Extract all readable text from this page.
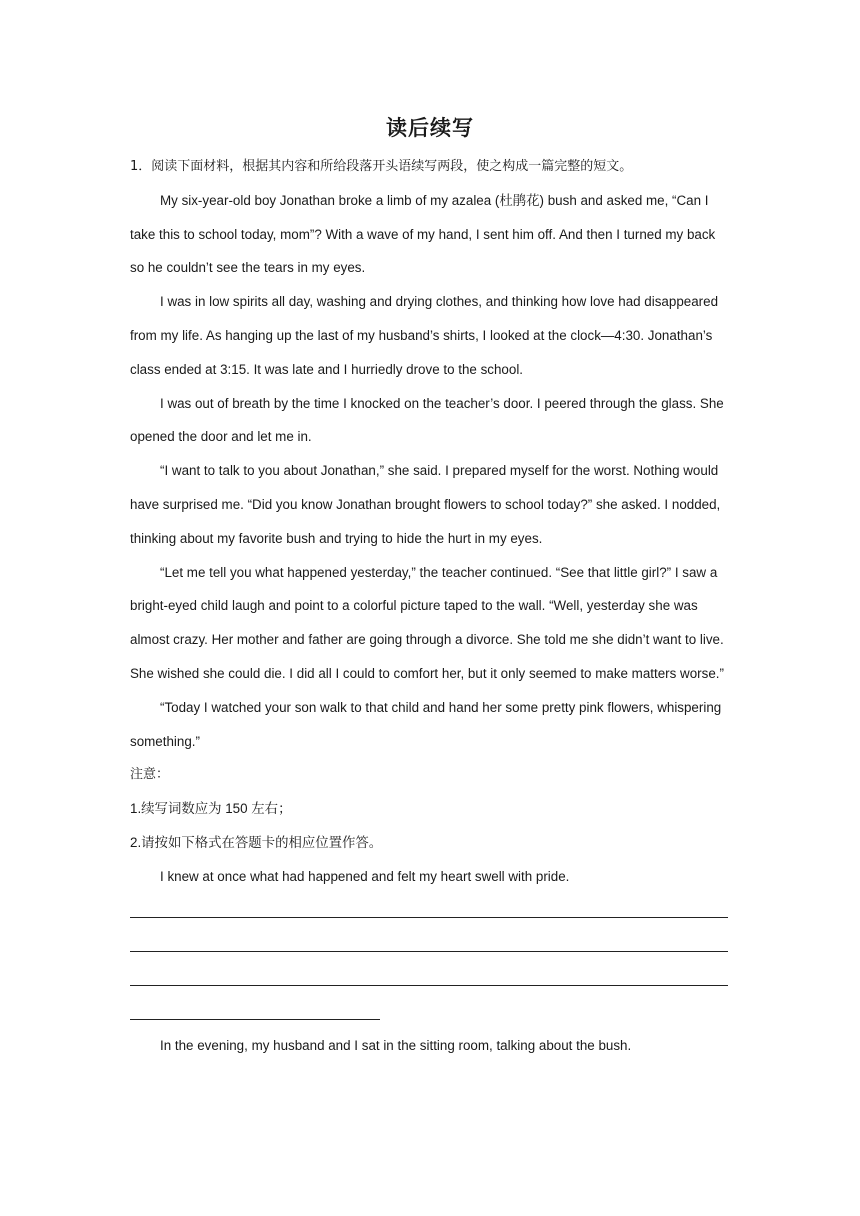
读后续写

1．阅读下面材料，根据其内容和所给段落开头语续写两段，使之构成一篇完整的短文。

My six-year-old boy Jonathan broke a limb of my azalea (杜鹃花) bush and asked me, “Can I take this to school today, mom”? With a wave of my hand, I sent him off. And then I turned my back so he couldn’t see the tears in my eyes.

I was in low spirits all day, washing and drying clothes, and thinking how love had disappeared from my life. As hanging up the last of my husband’s shirts, I looked at the clock—4:30. Jonathan’s class ended at 3:15. It was late and I hurriedly drove to the school.

I was out of breath by the time I knocked on the teacher’s door. I peered through the glass. She opened the door and let me in.

“I want to talk to you about Jonathan,” she said. I prepared myself for the worst. Nothing would have surprised me. “Did you know Jonathan brought flowers to school today?” she asked. I nodded, thinking about my favorite bush and trying to hide the hurt in my eyes.

“Let me tell you what happened yesterday,” the teacher continued. “See that little girl?” I saw a bright-eyed child laugh and point to a colorful picture taped to the wall. “Well, yesterday she was almost crazy. Her mother and father are going through a divorce. She told me she didn’t want to live. She wished she could die. I did all I could to comfort her, but it only seemed to make matters worse.”

“Today I watched your son walk to that child and hand her some pretty pink flowers, whispering something.”

注意：

1.续写词数应为 150 左右；

2.请按如下格式在答题卡的相应位置作答。

I knew at once what had happened and felt my heart swell with pride.

In the evening, my husband and I sat in the sitting room, talking about the bush.
